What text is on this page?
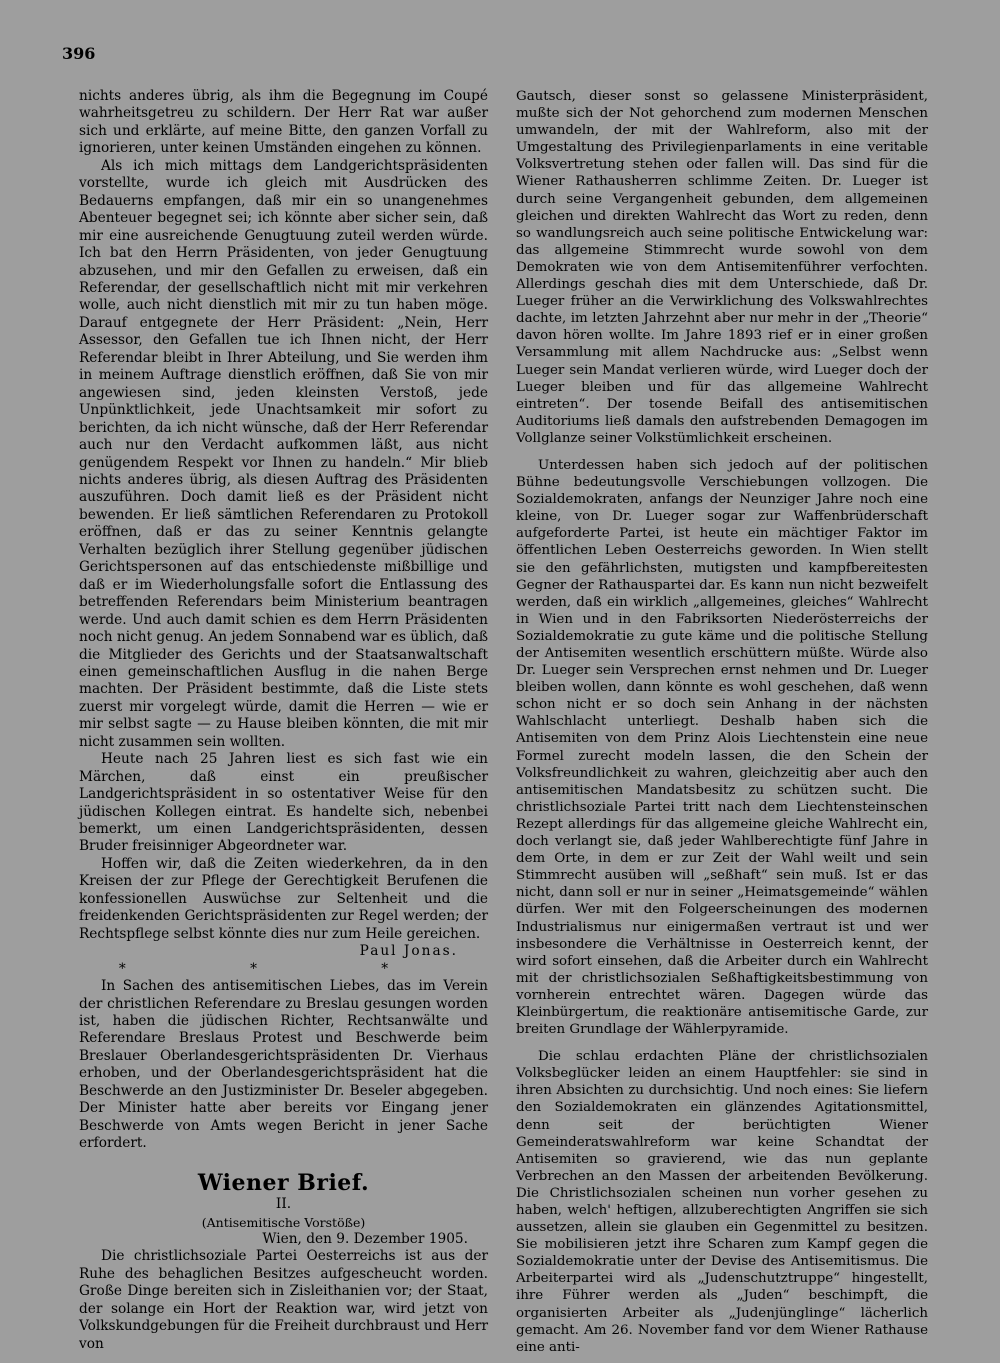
396

nichts anderes übrig, als ihm die Begegnung im Coupé wahrheitsgetreu zu schildern. Der Herr Rat war außer sich und erklärte, auf meine Bitte, den ganzen Vorfall zu ignorieren, unter keinen Umständen eingehen zu können.

Als ich mich mittags dem Landgerichtspräsidenten vorstellte, wurde ich gleich mit Ausdrücken des Bedauerns empfangen, daß mir ein so unangenehmes Abenteuer begegnet sei; ich könnte aber sicher sein, daß mir eine ausreichende Genugtuung zuteil werden würde. Ich bat den Herrn Präsidenten, von jeder Genugtuung abzusehen, und mir den Gefallen zu erweisen, daß ein Referendar, der gesellschaftlich nicht mit mir verkehren wolle, auch nicht dienstlich mit mir zu tun haben möge. Darauf entgegnete der Herr Präsident: „Nein, Herr Assessor, den Gefallen tue ich Ihnen nicht, der Herr Referendar bleibt in Ihrer Abteilung, und Sie werden ihm in meinem Auftrage dienstlich eröffnen, daß Sie von mir angewiesen sind, jeden kleinsten Verstoß, jede Unpünktlichkeit, jede Unachtsamkeit mir sofort zu berichten, da ich nicht wünsche, daß der Herr Referendar auch nur den Verdacht aufkommen läßt, aus nicht genügendem Respekt vor Ihnen zu handeln.“ Mir blieb nichts anderes übrig, als diesen Auftrag des Präsidenten auszuführen. Doch damit ließ es der Präsident nicht bewenden. Er ließ sämtlichen Referendaren zu Protokoll eröffnen, daß er das zu seiner Kenntnis gelangte Verhalten bezüglich ihrer Stellung gegenüber jüdischen Gerichtspersonen auf das entschiedenste mißbillige und daß er im Wiederholungsfalle sofort die Entlassung des betreffenden Referendars beim Ministerium beantragen werde. Und auch damit schien es dem Herrn Präsidenten noch nicht genug. An jedem Sonnabend war es üblich, daß die Mitglieder des Gerichts und der Staatsanwaltschaft einen gemeinschaftlichen Ausflug in die nahen Berge machten. Der Präsident bestimmte, daß die Liste stets zuerst mir vorgelegt würde, damit die Herren — wie er mir selbst sagte — zu Hause bleiben könnten, die mit mir nicht zusammen sein wollten.

Heute nach 25 Jahren liest es sich fast wie ein Märchen, daß einst ein preußischer Landgerichtspräsident in so ostentativer Weise für den jüdischen Kollegen eintrat. Es handelte sich, nebenbei bemerkt, um einen Landgerichtspräsidenten, dessen Bruder freisinniger Abgeordneter war.

Hoffen wir, daß die Zeiten wiederkehren, da in den Kreisen der zur Pflege der Gerechtigkeit Berufenen die konfessionellen Auswüchse zur Seltenheit und die freidenkenden Gerichtspräsidenten zur Regel werden; der Rechtspflege selbst könnte dies nur zum Heile gereichen.

Paul Jonas.

* * *

In Sachen des antisemitischen Liebes, das im Verein der christlichen Referendare zu Breslau gesungen worden ist, haben die jüdischen Richter, Rechtsanwälte und Referendare Breslaus Protest und Beschwerde beim Breslauer Oberlandesgerichtspräsidenten Dr. Vierhaus erhoben, und der Oberlandesgerichtspräsident hat die Beschwerde an den Justizminister Dr. Beseler abgegeben. Der Minister hatte aber bereits vor Eingang jener Beschwerde von Amts wegen Bericht in jener Sache erfordert.

Wiener Brief.

II.

(Antisemitische Vorstöße)

Wien, den 9. Dezember 1905.

Die christlichsoziale Partei Oesterreichs ist aus der Ruhe des behaglichen Besitzes aufgescheucht worden. Große Dinge bereiten sich in Zisleithanien vor; der Staat, der solange ein Hort der Reaktion war, wird jetzt von Volkskundgebungen für die Freiheit durchbraust und Herr von

Gautsch, dieser sonst so gelassene Ministerpräsident, mußte sich der Not gehorchend zum modernen Menschen umwandeln, der mit der Wahlreform, also mit der Umgestaltung des Privilegienparlaments in eine veritable Volksvertretung stehen oder fallen will. Das sind für die Wiener Rathausherren schlimme Zeiten. Dr. Lueger ist durch seine Vergangenheit gebunden, dem allgemeinen gleichen und direkten Wahlrecht das Wort zu reden, denn so wandlungsreich auch seine politische Entwickelung war: das allgemeine Stimmrecht wurde sowohl von dem Demokraten wie von dem Antisemitenführer verfochten. Allerdings geschah dies mit dem Unterschiede, daß Dr. Lueger früher an die Verwirklichung des Volkswahlrechtes dachte, im letzten Jahrzehnt aber nur mehr in der „Theorie“ davon hören wollte. Im Jahre 1893 rief er in einer großen Versammlung mit allem Nachdrucke aus: „Selbst wenn Lueger sein Mandat verlieren würde, wird Lueger doch der Lueger bleiben und für das allgemeine Wahlrecht eintreten“. Der tosende Beifall des antisemitischen Auditoriums ließ damals den aufstrebenden Demagogen im Vollglanze seiner Volkstümlichkeit erscheinen.

Unterdessen haben sich jedoch auf der politischen Bühne bedeutungsvolle Verschiebungen vollzogen. Die Sozialdemokraten, anfangs der Neunziger Jahre noch eine kleine, von Dr. Lueger sogar zur Waffenbrüderschaft aufgeforderte Partei, ist heute ein mächtiger Faktor im öffentlichen Leben Oesterreichs geworden. In Wien stellt sie den gefährlichsten, mutigsten und kampfbereitesten Gegner der Rathauspartei dar. Es kann nun nicht bezweifelt werden, daß ein wirklich „allgemeines, gleiches“ Wahlrecht in Wien und in den Fabriksorten Niederösterreichs der Sozialdemokratie zu gute käme und die politische Stellung der Antisemiten wesentlich erschüttern müßte. Würde also Dr. Lueger sein Versprechen ernst nehmen und Dr. Lueger bleiben wollen, dann könnte es wohl geschehen, daß wenn schon nicht er so doch sein Anhang in der nächsten Wahlschlacht unterliegt. Deshalb haben sich die Antisemiten von dem Prinz Alois Liechtenstein eine neue Formel zurecht modeln lassen, die den Schein der Volksfreundlichkeit zu wahren, gleichzeitig aber auch den antisemitischen Mandatsbesitz zu schützen sucht. Die christlichsoziale Partei tritt nach dem Liechtensteinschen Rezept allerdings für das allgemeine gleiche Wahlrecht ein, doch verlangt sie, daß jeder Wahlberechtigte fünf Jahre in dem Orte, in dem er zur Zeit der Wahl weilt und sein Stimmrecht ausüben will „seßhaft“ sein muß. Ist er das nicht, dann soll er nur in seiner „Heimatsgemeinde“ wählen dürfen. Wer mit den Folgeerscheinungen des modernen Industrialismus nur einigermaßen vertraut ist und wer insbesondere die Verhältnisse in Oesterreich kennt, der wird sofort einsehen, daß die Arbeiter durch ein Wahlrecht mit der christlichsozialen Seßhaftigkeitsbestimmung von vornherein entrechtet wären. Dagegen würde das Kleinbürgertum, die reaktionäre antisemitische Garde, zur breiten Grundlage der Wählerpyramide.

Die schlau erdachten Pläne der christlichsozialen Volksbeglücker leiden an einem Hauptfehler: sie sind in ihren Absichten zu durchsichtig. Und noch eines: Sie liefern den Sozialdemokraten ein glänzendes Agitationsmittel, denn seit der berüchtigten Wiener Gemeinderatswahlreform war keine Schandtat der Antisemiten so gravierend, wie das nun geplante Verbrechen an den Massen der arbeitenden Bevölkerung. Die Christlichsozialen scheinen nun vorher gesehen zu haben, welch' heftigen, allzuberechtigten Angriffen sie sich aussetzen, allein sie glauben ein Gegenmittel zu besitzen. Sie mobilisieren jetzt ihre Scharen zum Kampf gegen die Sozialdemokratie unter der Devise des Antisemitismus. Die Arbeiterpartei wird als „Judenschutztruppe“ hingestellt, ihre Führer werden als „Juden“ beschimpft, die organisierten Arbeiter als „Judenjünglinge“ lächerlich gemacht. Am 26. November fand vor dem Wiener Rathause eine anti-
